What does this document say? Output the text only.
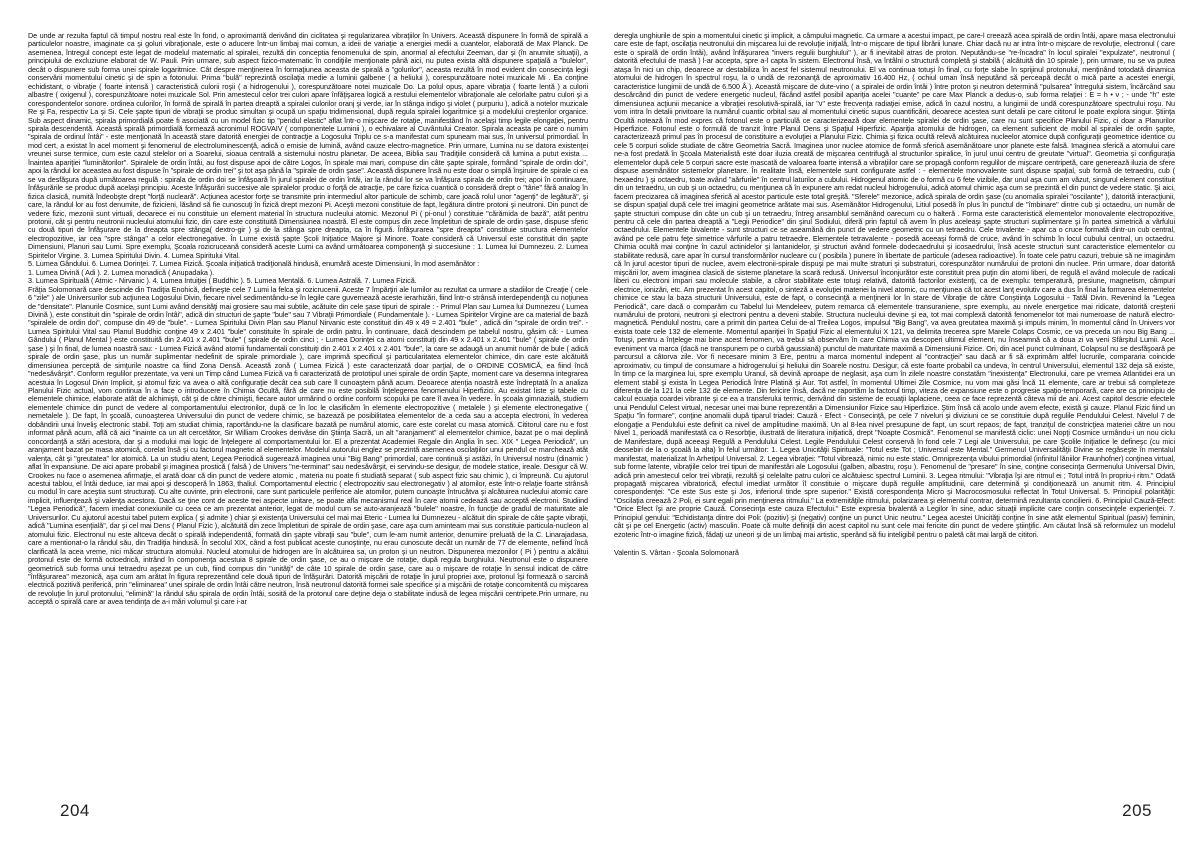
De unde ar rezulta faptul că timpul nostru real este în fond, o aproximantă derivând din ciclitatea şi regularizarea vibraţiilor în Univers. Această dispunere în formă de spirală a particulelor noastre, imaginate ca şi goluri vibraţionale, este o aducere într-un limbaj mai comun, a ideii de variaţie a energiei medii a cuantelor, elaborată de Max Planck. De asemenea, întregul concept este legat de modelul matematic al spiralei, rezultă din conceptia fenomenului de spin, anormal al efectului Zeeman, dar şi (în anumite situaţii), a principiului de excluziune elaborat de W. Pauli. Prin urmare, sub aspect fizico-matematic în condiţiile menţionate până aici, nu putea exista altă dispunere spaţială a "bulelor", decât o dispunere sub forma unei spirale logaritmice. Cât despre menţinerea în formaţiunea aceasta de spirală a "golurilor", aceasta rezultă în mod evident din consecinţa legii conservării momentului cinetic şi de spin a fotonului. Prima "bulă" reprezintă oscilaţia medie a luminii galbene ( a heliului ), corespunzătoare notei muzicale Mi . Ea conţine echidistant, o vibraţie ( foarte intensă ) caracteristică culorii roşii ( a hidrogenului ), corespunzătoare notei muzicale Do. La polul opus, apare vibraţia ( foarte lentă ) a culorii albastre ( oxigenul ), corespunzătoare notei muzicale Sol. Prin amestecul celor trei culori apare înfăţişarea logică a restului elementelor vibraţionale ale celorlalte patru culori şi a corespondentelor sonore. ordinea culorilor, în formă de spirală în partea dreaptă a spiralei culorilor oranj şi verde, iar în stânga indigo şi violet ( purpuriu ), adică a notelor muzicale Re şi Fa, respectiv La şi Si. Cele şapte tipuri de vibraţii se produc simultan şi ocupă un spaţiu tridimensional, după regula spiralei logaritmice şi a modelului creşterilor organice. Sub aspect dinamic, spirala primordială poate fi asociată cu un model fizic tip "pendul elastic" aflat într-o mişcare de rotaţie, manifestând în acelaşi timp legile elongaţiei, pentru spirala descendentă. Această spirală primordială formează acronimul ROGVAIV ( componentele Luminii ), o echivalare al Cuvântului Creator. Spirala aceasta pe care o numim "spirala de ordinul întâi" - este menţionată în această stare datorită energiei de contracţie a Logosului Triplu ce s-a manifestat cum spuneam mai sus, în universul primordial. În mod cert, a existat în acel moment şi fenomenul de electroluminescenţă, adică o emisie de lumină, având cauze electro-magnetice. Prin urmare, Lumina nu se datora existenţei vreunei surse termice, cum este cazul stelelor ori a Soarelui, sioaua centrală a sistemului nostru planetar. De aceea, Biblia sau Tradiţiile consideră că lumina a putut exista ... înaintea apariţiei "luminătorilor". Spiralele de ordin întâi, au fost dispuse apoi de către Logos, în spirale mai mari, compuse din câte şapte spirale, formând "spirale de ordin doi", apoi la rândul lor aceastea au fost dispuse în "spirale de ordin trei" şi tot aşa până la "spirale de ordin şase". Această dispunere însă nu este doar o simplă înşiruire de spirale ci ea se va desfăşura după următoarea regulă : spirala de ordin doi se înfăşoară în jurul spiralei de ordin întâi, iar la rândul lor se va înfăşura spirala de ordin trei; apoi în continuare, înfăşurările se produc după acelaşi principiu. Aceste înfăşurări succesive ale spiralelor produc o forţă de atracţie, pe care fizica cuantică o consideră drept o "târie" fără analog în fizica clasică, numită îndeobşte drept "forţă nucleară". Acţiunea acestor forţe se transmite prin intermediul altor particule de schimb, care joacă rolul unor "agenţi" de legătură", şi care, la rândul lor au fost denumite, de fizicieni, lăsând să fie cunoscuţi în fizică drept mezoni Pi. Aceşti mezoni constituie de fapt, legătura dintre protoni şi neutroni. Din punct de vedere fizic, mezonii sunt virtuali, deoarece ei nu constituie un element material în structura nucleului atomic. Mezonul Pi ( pi-onul ) constituie "cărămida de bază", atât pentru protonii, cât şi pentru neutronii nucleului atomului fizic, din care este constituită Dimensiunea noastră. El este compus din zece împletituri de spirale de ordin şase, dispuse sferic cu două tipuri de înfăşurare de la dreapta spre stânga( dextro-gir ) şi de la stânga spre dreapta, ca în figură. Înfăşurarea "spre dreapta" constituie structura elementelor electropozitive, iar cea "spre stânga" a celor electronegative. În Lume există şapte Şcoli Iniţiatice Majore şi Minore. Toate consideră că Universul este constituit din şapte Dimensiuni, Planuri sau Lumi. Spre exemplu, Şcoala rozicruceană consideră aceste Lumi ca având următoarea componenţă şi succesiune : 1. Lumea lui Dumnezeu. 2. Lumea Spiritelor Virgine. 3. Lumea Spiritului Divin. 4. Lumea Spiritului Vital.

5. Lumea Gândului. 6. Lumea Dorinţei. 7. Lumea Fizică. Şcoala iniţiatică tradiţională hindusă, enumără aceste Dimensiuni, în mod asemănător :

1. Lumea Divină ( Adi ). 2. Lumea monadică ( Anupadaka ).

3. Lumea Spirituală ( Atmic - Nirvanic ). 4. Lumea Intuiţiei ( Buddhic ). 5. Lumea Mentală. 6. Lumea Astrală. 7. Lumea Fizică.

Frăţia Solomonară care descinde din Tradiţia Enohică, defineşte cele 7 Lumi la felca şi rozicrucenii. Aceste 7 împărţiri ale lumilor au rezultat ca urmare a stadiilor de Creaţie ( cele 6 "zile" ) ale Universurilor sub acţiunea Logosului Divin, fiecare nivel sedimentându-se în legile care guvernează aceste ierarhizări, fiind într-o strânsă interdependenţă cu noţiunea de "densitate". Planurile Cosmice, sunt Lumi având densităţi mai grosiere sau mai subtile, acătuite din cele şase tipuri de spirale : - Primul Plan sau Lumea lui Dumnezeu ( Lumea Divină ), este constituit din "spirale de ordin întâi", adică din structuri de şapte "bule" sau 7 Vibraţii Primordiale ( Fundamentale ). - Lumea Spiritelor Virgine are ca material de bază "spiralele de ordin doi", compuse din 49 de "bule". - Lumea Spiritului Divin Plan sau Planul Nirvanic este constituit din 49 x 49 = 2.401 "bule" , adică din "spirale de ordin trei". - Lumea Spiritului Vital sau Planul Buddhic conţine 49 x 2.401 "bule" constituite în spirale de ordin patru. În continuare, dacă descindem pe tabelul nostru, găsim că: - Lumea Gândului ( Planul Mental ) este constituită din 2.401 x 2.401 "bule" ( spirale de ordin cinci ; - Lumea Dorinţei ca atomi constituiţi din 49 x 2.401 x 2.401 "bule" ( spirale de ordin şase ) şi în final, de lumea noastră sau: - Lumea Fizică având atomii fundamentali constituiţi din 2.401 x 2.401 x 2.401 "bule", la care se adaugă un anumit număr de bule ( adică spirale de ordin şase, plus un număr suplimentar nedefinit de spirale primordiale ), care imprimă specificul şi particularitatea elementelor chimice, din care este alcătuită dimensiunea perceptă de simţurile noastre ca fiind Zona Densă. Această zonă ( Lumea Fizică ) este caracterizată doar parţial, de o ORDINE COSMICĂ, ea fiind încă "nedesăvârşit". Conform regulilor prezentate, va veni un Timp când Lumea Fizică va fi caracterizată de prototipul unei spirale de ordin Şapte, moment care va desemna integrarea acestuia în Logosul Divin Implicit, şi atomul fizic va avea o altă configuraţie decât cea sub care îl cunoaştem până acum. Deoarece atenţia noastră este îndreptată în a analiza Planului Fizic actual, vom continua în a face o introducere în Chimia Ocultă, fără de care nu este posibilă înţelegerea fenomenului Hiperfizici. Au existat liste şi tabele cu elementele chimice, elaborate atât de alchimişti, cât şi de către chimişti, fiecare autor urmărind o ordine conform scopului pe care îl avea în vedere. În şcoala gimnazială, studiem elementele chimice din punct de vedere al comportamentului electronilor, după ce în loc le clasificăm în elemente electropozitive ( metalele ) şi elemente electronegative ( nemetalele ). De fapt, în şcoală, cunoaşterea Universului din punct de vedere chimic, se bazează pe posibilitatea elementelor de a ceda sau a accepta electroni, în vederea dobândirii unui înveliş electronic stabil. Toţi am studiat chimia, raportându-ne la clasificare bazată pe numărul atomic, care este corelat cu masa atomică. Cititorul care nu e fost informat până acum, află că aici "inainte ca un alt cercetător, Sir William Crookes derivăse din Ştiinţa Sacră, un alt "aranjament" al elementelor chimice, bazat pe o mai deplină concordanţă a stări acestora, dar şi a modului mai logic de înţelegere al comportamentului lor. El a prezentat Academiei Regale din Anglia în sec. XIX " Legea Periodică", un aranjament bazat pe masa atomică, corelat însă şi cu factorul magnetic al elementelor. Modelul autorului englez se prezintă asemenea oscilaţiilor unui pendul ce marchează atât valenţa, cât şi "greutatea" lor atomică. La un studiu atent, Legea Periodică sugerează imaginea unui "Big Bang" primordial, care continuă şi astăzi, în Universul nostru (dinamic ) aflat în expansiune. De aici apare probabil şi imaginea prostică ( falsă ) de Univers "ne-terminat" sau nedesăvârşit, ei servindu-se desigur, de modele statice, ireale. Desigur că W. Crookes nu face o asemenea afirmaţie, el arată doar că din punct de vedere atomic , materia nu poate fi studiată separat ( sub aspect fizic sau chimic ), ci împreună. Cu ajutorul acestui tablou, el întâi deduce, iar mai apoi şi descoperă în 1863, thaliul. Comportamentul electric ( electropozitiv sau electronegativ ) al atomilor, este într-o relaţie foarte strânsă cu modul în care aceştia sunt structuraţi. Cu alte cuvinte, prin electronii, care sunt particulele periferice ale atomilor, putem cunoaşte întrucâtva şi alcătuirea nucleului atomic care implicit, influenţează şi valenţa acestora. Dacă se ţine cont de aceste trei aspecte unitare, se poate afla mecanismul real în care atomii cedează sau acceptă electroni. Studiind "Legea Periodică", facem imediat conexiunile cu ceea ce am prezentat anterior, legat de modul cum se auto-aranjează "bulele" noastre, în funcţie de gradul de maturitate ale Universurilor. Cu ajutorul acestui tabel putem explica ( şi admite ) chiar şi existenţa Universului cel mai mai Eteric - Lumea lui Dumnezeu - alcătuit din spirale de câte şapte vibraţii, adică "Lumina esenţială", dar şi cel mai Dens ( Planul Fizic ), alcătuită din zece împletituri de spirale de ordin şase, care aşa cum aminteam mai sus constituie particula-nucleon al atomului fizic. Electronul nu este altceva decât o spirală independentă, formată din şapte vibraţii sau "bule", cum le-am numit anterior, denumire preluată de la C. Linarajadasa, care a mentionat-o la rândul său, din Tradiţia hindusă. În secolul XIX, când a fost publicat aceste cunoştinţe, nu erau cunoscute decât un număr de 77 de elemente, nefiind încă clarificată la acea vreme, nici măcar structura atomului. Nucleul atomului de hidrogen are în alcătuirea sa, un proton şi un neutron. Dispunerea mezonilor ( Pi ) pentru a alcătui protonul este de formă octoedrică, intrând în componenţa acestuia 8 spirale de ordin şase, ce au o mişcare de rotaţie, după regula burghiului. Neutronul este o dispunere geometrică sub forma unui tetraedru aşezat pe un cub, fiind compus din "unităţi" de câte 10 spirale de ordin şase, care au o mişcare de rotaţie în sensul indicat de către "înfăşurarea" mezonică, aşa cum am arătat în figura reprezentând cele două tipuri de înfăşurări. Datorită mişcării de rotaţie în jurul propriei axe, protonul îşi formează o sarcină electrică pozitivă periferică, prin "eliminarea" unei spirale de ordin întâi către neutron, însă neutronul datorită formei sale specifice şi a mişcării de rotaţie concomitentă cu mişcarea de revoluţie în jurul protonului, "elimină" la rândul său spirala de ordin întâi, sosită de la protonul care deţine deja o stabilitate indusă de legea mişcării centripete.Prin urmare, nu acceptă o spirală care ar avea tendinţa de a-i mări volumul şi care i-ar

204

deregla unghiurile de spin a momentului cinetic şi implicit, a câmpului magnetic. Ca urmare a acestui impact, pe care-l creează acea spirală de ordin întâi, apare masa electronului care este de fapt, oscilaţia neutronului din mişcarea lui de revoluţie iniţială, într-o mişcare de tipul librării lunare. Chiar dacă nu ar intra într-o mişcare de revoluţie, electronul ( care este o spirală de ordin întâi), având înfăşurarea "invers regulii burghiului" ), ar fi inevitabil atras de proton. Neputându-se "re-încadra" în locul spiralei "expulzate", neutronul ( datorită efectului de masă ) l-ar accepta, spre a-l capta în sistem. Electronul însă, va întâlni o structură completă şi stabilă ( alcătuită din 10 spirale ), prin urmare, nu se va putea ataşa în nici un chip, deoarece ar destabiliza în acest fel sistemul neutronului. El va continua totuşi în final, cu forţe slabe în sprijinul protonului, menţinând totodată dinamica atomului de hidrogen în spectrul roşu, la o undă de rezonanţă de aproximativ 16.400 Hz, ( ochiul uman însă neputând să perceapă decât o mică parte a acestei energii, caracteristice lungimii de undă de 6.500 Å ). Această mişcare de dute-vino ( a spiralei de ordin întâi ) între proton şi neutron determină "pulsarea" întregului sistem, încărcând sau descărcând din punct de vedere energetic nucleul, făcând astfel posibil apariţia acelei "cuante" pe care Max Planck a dedus-o, sub forma relaţiei : E = h • ν ; - unde "h" este dimensiunea acţiunii mecanice a vibraţiei resolutivă-spirală, iar "ν" este frecvenţa radiaţiei emise, adică în cazul nostru, a lungimii de undă corespunzătoare spectrului roşu. Nu vom intra în detalii privitoare la numărul cuantic orbital sau al momentului cinetic supus cuantificării, deoarece acestea sunt detalii pe care cititorul le poate explora singur. Ştiinţa Ocultă notează în mod expres că fotonul este o particulă ce caracterizează doar elementele spiralei de ordin şase, care nu sunt specifice Planului Fizic, ci doar a Planurilor Hiperfizice. Fotonul este o formulă de tranzit între Planul Dens şi Spaţiul Hiperfizic. Apariţia atomului de hidrogen, ca element suficient de mobil al spiralei de ordin şapte, caracterizează primul pas în procesul de constituire a evoluţiei a Planului Fizic. Chimia şi fizica ocultă relevă alcătuirea nucleelor atomice după configuraţii geometrice identice cu cele 5 corpuri solide studiate de către Geometria Sacră. Imaginea unor nuclee atomice de formă sferică asemănătoare unor planete este falsă. Imaginea sferică a atomului care ne-a fost predată în Şcoala Materialistă este doar iluzia creată de mişcarea centrifugă al structurilor spiralice, în jurul unui centru de greutate "virtual". Geometria şi configuraţia elementelor după cele 5 corpuri sacre este mascată de valoarea foarte intensă a vibraţiilor care se propagă conform regulilor de mişcare centripetă, care generează iluzia de sfere dispuse asemănător sistemelor planetare. În realitate însă, elementele sunt configurate astfel : - elementele monovalente sunt dispuse spaţial, sub formă de tetraedru, cub ( hexaedru ) şi octaedru, toate având "aărfurile" în centrul laturilor a cubului. Hidrogenul atomic de o formă cu 6 fete vizibile, dar unul aşa cum am văzut, singurul element constituit din un tetraedru, un cub şi un octaedru, cu menţiunea că în expunere am redat nucleul hidrogenului, adică atomul chimic aşa cum se prezintă el din punct de vedere static. Şi aici, facem precizarea că imaginea sferică al acestor particule este total greşită. "Sferele" mezonice, adică spirala de ordin şase (cu anomalia spiralei "oscilante" ), datorită interacţiunii, se dispun spaţial după cele trei imagini geometrice arătate mai sus. Asemănător Hidrogenului, Litiul posedă în plus în punctul de "îmbinare" dintre cub şi octaedru, un număr de şapte structuri compuse din câte un cub şi un tetraedru, întreg ansamblul semănând oarecum cu o halteră . Forma este caracteristică elementelor monovalente electropozitive, pentru că cele din partea dreaptă a "Legii Periodice" din şirul Sodiului, diferă prin faptul că avem în plus aceleaşi şapte structuri suplimentare şi în partea simetrică a vârfului octaedrului. Elementele bivalente - sunt structuri ce se aseamănă din punct de vedere geometric cu un tetraedru. Cele trivalente - apar ca o cruce formată dintr-un cub central, având pe cele patru feţe simetrice vârfurile a patru tetraedre. Elementele tetravalente - posedă aceeaşi formă de cruce, având în schimb în locul cubului central, un octaedru. Chimia ocultă mai conţine în cazul actinidelor şi lantanidelor, şi structuri având formele dodecaedrului şi icosaedrului, însă aceste structuri sunt caracteristice elementelor cu stabilitate redusă, care apar în cursul transformărilor nucleare cu ( posibila ) punere în libertate de particule (adesea radioactive). În toate cele patru cazuri, trebuie să ne imaginăm că în jurul acestor tipuri de nuclee, avem electronii-spirale dispuşi pe mai multe straturi şi substraturi, corespunzător numărului de protoni din nuclee. Prin urmare, doar datorită mişcării lor, avem imaginea clasică de sisteme planetare la scară redusă. Universul înconjurător este constituit prea puţin din atomi liberi, de regulă el având molecule de radicali liberi cu electroni impari sau molecule stabile, a căror stabilitate este totuşi relativă, datorită factorilor existenţi, ca de exemplu: temperatură, presiune, magnetism, câmpuri electrice, ionizări, etc. Am prezentat în acest capitol, o sinteză a evoluţiei materiei la nivel atomic, cu menţiunea că tot acest lanţ evolutiv care a dus în final la formarea elementelor chimice ce stau la baza structurii Universului, este de fapt, o consecinţă a menţinerii lor în stare de Vibraţie de către Conştiinţa Logosului - Tatăl Divin. Revenind la "Legea Periodică", care dacă o comparăm cu Tabelul lui Mendeleev, putem remarca că elementele transuraniene, spre exemplu, au nivele energetice mai ridicate, datorită creşterii numărului de protoni, neutroni şi electroni pentru a deveni stabile. Structura nucleului devine şi ea, tot mai complexă datorită fenomenelor tot mai numeroase de natură electro-magnetică. Pendulul nostru, care a primit din partea Celui de-al Treilea Logos, impulsul "Big Bang", va avea greutatea maximă şi impuls minim, în momentul când în Univers vor exista toate cele 132 de elemente. Momentul apariţiei în Spaţiul Fizic al elementului X 121, va delimita trecerea spre Marele Colaps Cosmic, ce va preceda un nou Big Bang ... Totuşi, pentru a înţelege mai bine acest fenomen, va trebui să observăm în care Chimia va descoperi ultimul element, nu înseamnă că a doua zi va veni Sfârşitul Lumii. Acel eveniment va marca (dacă ne transpunem pe o curbă gaussiană) punctul de maturitate maximă a Dimensiunii Fizice. Ori, din acel punct culminant, Colapsul nu se desfăşoară pe parcursul a câtorva zile. Vor fi necesare minim 3 Ere, pentru a marca momentul indepent al "contracţiei" sau dacă ar fi să exprimăm altfel lucrurile, compararia coincide aproximativ, cu timpul de consumare a hidrogenului şi heliului din Soarele nostru. Desigur, că este foarte probabil ca undeva, în centrul Universului, elementul 132 deja să existe, în timp ce la marginea lui, spre exemplu Uranul, să devină aproape de neglasit, aşa cum în zilele noastre constatăm "inexistenţa" Electronului, care pe vremea Atlantidei era un element stabil şi exista în Legea Periodică între Platină şi Aur. Tot astfel, în momentul Ultimei Zile Cosmice, nu vom mai găsi încă 11 elemente, care ar trebui să completeze diferenţa de la 121 la cele 132 de elemente. Din fericire însă, dacă ne raportăm la factorul timp, viteza de expansiune este o progresie spaţio-temporară, care are ca principiu de calcul ecuaţia coardei vibrante şi ce ea a transferului termic, derivând din sisteme de ecuaţii laplaciene, ceea ce face reprezentă câteva mii de ani. Acest capitol descrie efectele unui Pendulul Celest virtual, necesar unei mai bune reprezentări a Dimensiunilor Fizice sau Hiperfizice. Ştim însă că acolo unde avem efecte, există şi cauze. Planul Fizic fiind un Spaţiu "în formare", conţine anomalii după tiparul triadei: Cauză - Efect - Consecinţă, pe cele 7 niveluri şi diviziuni ce se constituie după regulile Pendulului Celest. Nivelul 7 de elongaţie a Pendulului este definit ca nivel de amplitudine maximă. Un al 8-lea nivel presupune de fapt, un scurt repaos; de fapt, tranziţul de constricţiea materiei către un nou Nivel 1, perioadă manifestată ca o Resorbţie, ilustrată de literatura iniţiatică, drept "Noapte Cosmică". Fenomenul se manifestă ciclic: unei Nopţi Cosmice urmându-i un nou ciclu de Manifestare, după aceeaşi Regulă a Pendulului Celest. Legile Pendulului Celest conservă în fond cele 7 Legi ale Universului, pe care Şcolile Iniţiatice le defineşc (cu mici deosebiri de la o şcoală la alta) în felul următor: 1. Legea Unicităţii Spirituale: "Totul este Tot ; Universul este Mental." Germenul Universalităţii Divine se regăseşte în mentalul manifestat, materializat în Arhetipul Universal. 2. Legea vibraţiei: "Totul vibrează, nimic nu este static. Omniprezenţa vibului primordial (infinitul lăniilor Fraunhofner) conţinea virtual, sub forme latente, vibraţiile celor trei tipuri de manifestări ale Logosului (galben, albastru, roşu ). Fenomenul de "presare" în sine, conţine consecinţa Germenului Universal Divin, adică prin amestecul celor trei vibraţii, rezultă şi celelalte patru culori ce alcătuiesc spectrul Luminii. 3. Legea ritmului: "Vibraţia îşi are ritmul ei ; Totul intră în propriu-i ritm." Odată propagată mişcarea vibratorică, efectul imediat următor îl constituie o mişcare după regulile amplitudinii, care determină şi condiţionează un anumit ritm. 4. Principiul corespondenţei: "Ce este Sus este şi Jos, inferiorul tinde spre superior." Există corespondenţa Micro şi Macrocosmosului reflectat în Totul Universal. 5. Principiul polarităţii: "Oscilaţia creează 2 Poli, ei sunt egali prin menţinerea ritmului." La extremităţile ritmului, polarizarea şi elementul contrar, determină rezultanta concilierii. 6. Principiul Cauză-Efect: "Orice Efect îşi are proprie Cauză. Consecinţa este cauza Efectului." Este expresia bivalentă a Legilor în sine, aduc situaţii implicite care conţin consecinţele experienţei. 7. Principiul genului: "Echidistanţa dintre doi Poli: (pozitiv) şi (negativ) conţine un punct Unic neutru." Legea acestei Unicităţi conţine în sine atât elementul Spiritual (pasiv) feminin, cât şi pe cel Energetic (activ) masculin. Poate că multe definiţii din acest capitol nu sunt cele mai fericite din punct de vedere ştiinţific. Am căutat însă să reformulez un modelul ezoteric într-o imagine fizică, fădaţi uz uneori şi de un limbaj mai artistic, sperând să fiu inteligibil pentru o paletă cât mai largă de cititori.

Valentin S. Vârtan - Şcoala Solomonară

205
